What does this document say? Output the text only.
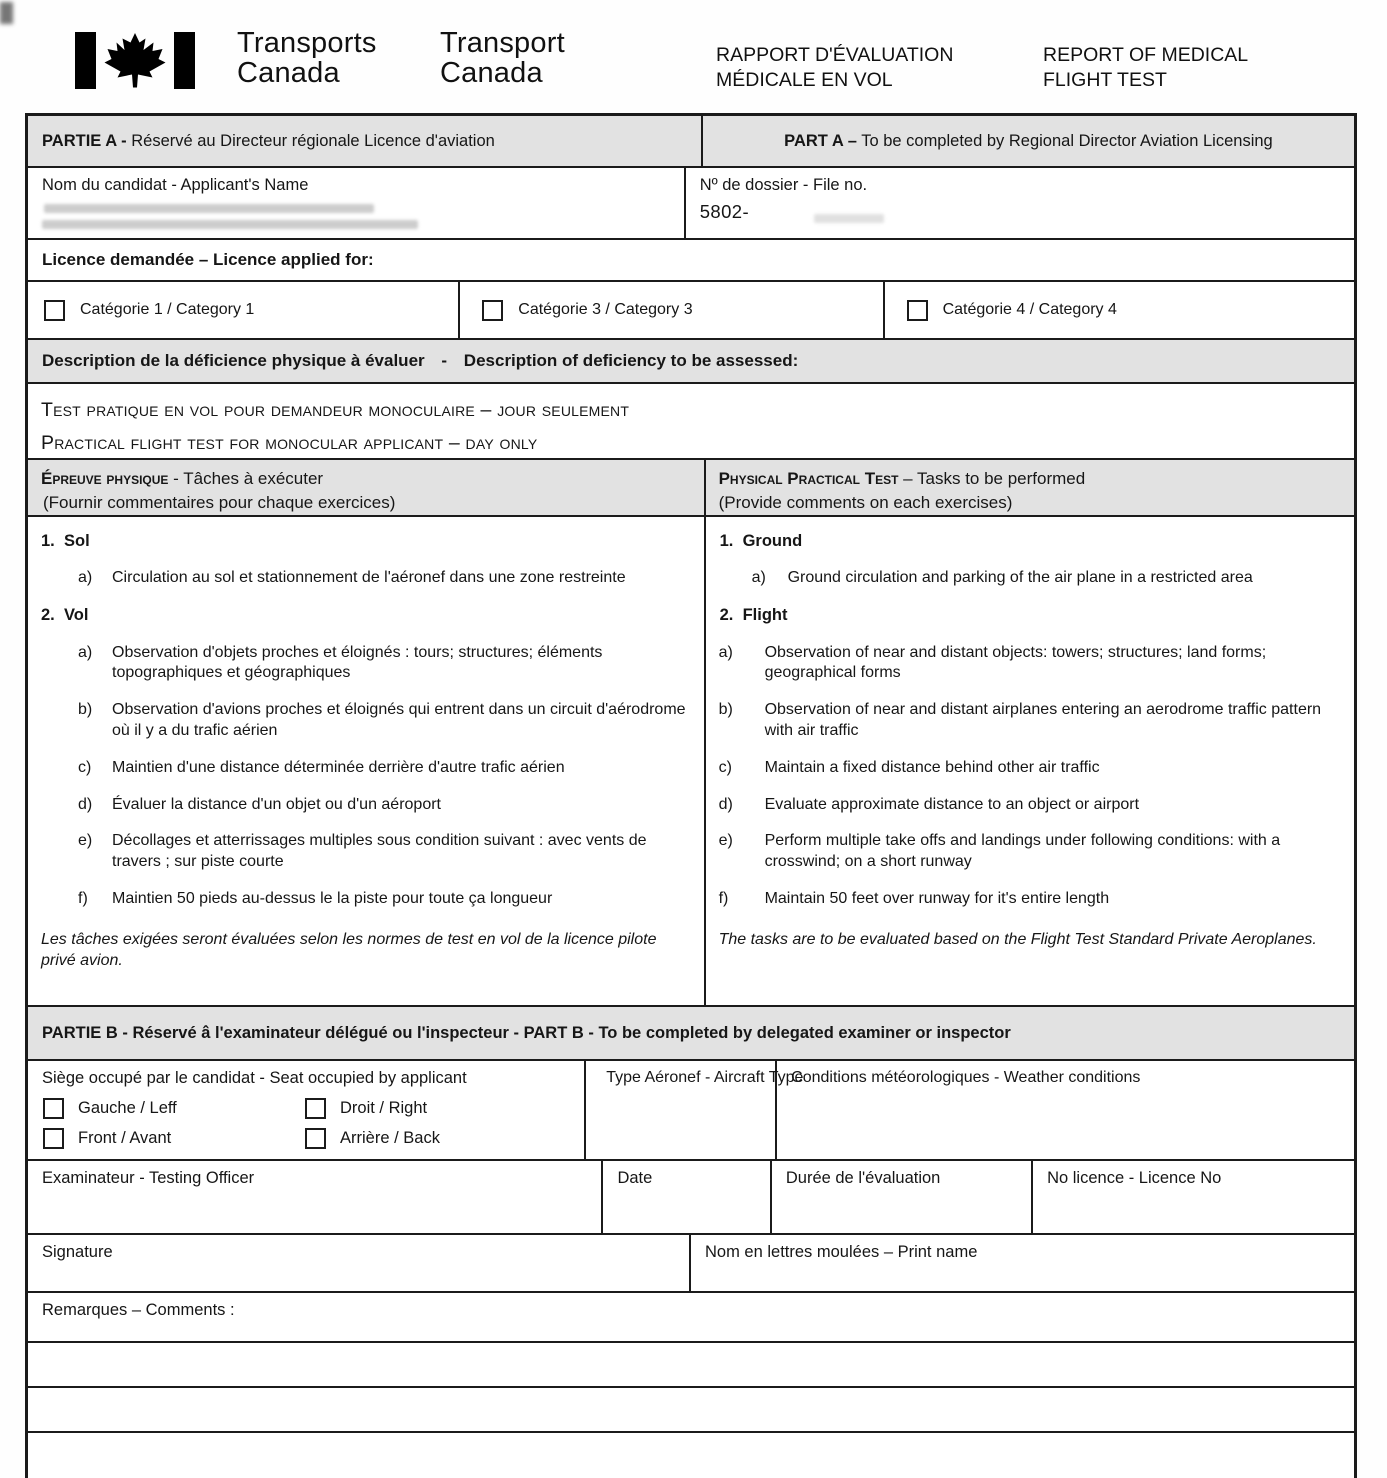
Transports
Canada
Transport
Canada
RAPPORT D'ÉVALUATION
MÉDICALE EN VOL
REPORT OF MEDICAL
FLIGHT TEST
PARTIE A - Réservé au Directeur régionale Licence d'aviation	PART A – To be completed by Regional Director Aviation Licensing
Nom du candidat - Applicant's Name	Nº de dossier - File no.
5802-
Licence demandée – Licence applied for:
Catégorie 1 / Category 1	Catégorie 3 / Category 3	Catégorie 4 / Category 4
Description de la déficience physique à évaluer - Description of deficiency to be assessed:
Test pratique en vol pour demandeur monoculaire – jour seulement
Practical flight test for monocular applicant – day only
Épreuve physique - Tâches à exécuter
(Fournir commentaires pour chaque exercices)
Physical Practical Test – Tasks to be performed
(Provide comments on each exercises)
1. Sol
a)	Circulation au sol et stationnement de l'aéronef dans une zone restreinte
2. Vol
a)	Observation d'objets proches et éloignés : tours; structures; éléments topographiques et géographiques
b)	Observation d'avions proches et éloignés qui entrent dans un circuit d'aérodrome où il y a du trafic aérien
c)	Maintien d'une distance déterminée derrière d'autre trafic aérien
d)	Évaluer la distance d'un objet ou d'un aéroport
e)	Décollages et atterrissages multiples sous condition suivant : avec vents de travers ; sur piste courte
f)	Maintien 50 pieds au-dessus le la piste pour toute ça longueur
Les tâches exigées seront évaluées selon les normes de test en vol de la licence pilote privé avion.
1. Ground
a)	Ground circulation and parking of the air plane in a restricted area
2. Flight
a)	Observation of near and distant objects: towers; structures; land forms; geographical forms
b)	Observation of near and distant airplanes entering an aerodrome traffic pattern with air traffic
c)	Maintain a fixed distance behind other air traffic
d)	Evaluate approximate distance to an object or airport
e)	Perform multiple take offs and landings under following conditions: with a crosswind; on a short runway
f)	Maintain 50 feet over runway for it's entire length
The tasks are to be evaluated based on the Flight Test Standard Private Aeroplanes.
PARTIE B - Réservé â l'examinateur délégué ou l'inspecteur - PART B - To be completed by delegated examiner or inspector
Siège occupé par le candidat - Seat occupied by applicant
Gauche / Leff	Droit / Right
Front / Avant	Arrière / Back
Type Aéronef - Aircraft Type
Conditions météorologiques - Weather conditions
Examinateur - Testing Officer	Date	Durée de l'évaluation	No licence - Licence No
Signature	Nom en lettres moulées – Print name
Remarques – Comments :
